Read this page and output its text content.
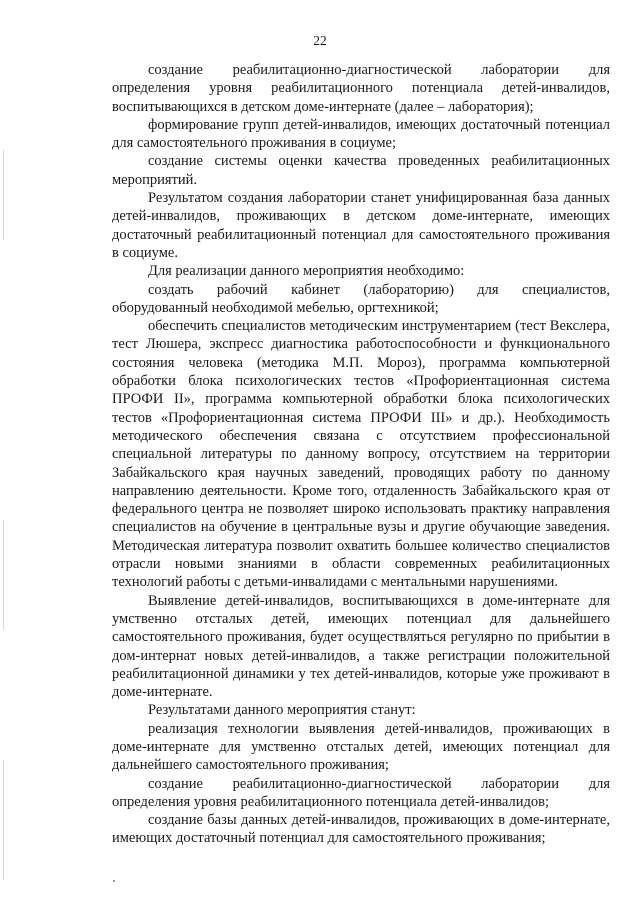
22

создание реабилитационно-диагностической лаборатории для определения уровня реабилитационного потенциала детей-инвалидов, воспитывающихся в детском доме-интернате (далее – лаборатория);

формирование групп детей-инвалидов, имеющих достаточный потенциал для самостоятельного проживания в социуме;

создание системы оценки качества проведенных реабилитационных мероприятий.

Результатом создания лаборатории станет унифицированная база данных детей-инвалидов, проживающих в детском доме-интернате, имеющих достаточный реабилитационный потенциал для самостоятельного проживания в социуме.

Для реализации данного мероприятия необходимо:

создать рабочий кабинет (лабораторию) для специалистов, оборудованный необходимой мебелью, оргтехникой;

обеспечить специалистов методическим инструментарием (тест Векслера, тест Люшера, экспресс диагностика работоспособности и функционального состояния человека (методика М.П. Мороз), программа компьютерной обработки блока психологических тестов «Профориентационная система ПРОФИ II», программа компьютерной обработки блока психологических тестов «Профориентационная система ПРОФИ III» и др.). Необходимость методического обеспечения связана с отсутствием профессиональной специальной литературы по данному вопросу, отсутствием на территории Забайкальского края научных заведений, проводящих работу по данному направлению деятельности. Кроме того, отдаленность Забайкальского края от федерального центра не позволяет широко использовать практику направления специалистов на обучение в центральные вузы и другие обучающие заведения. Методическая литература позволит охватить большее количество специалистов отрасли новыми знаниями в области современных реабилитационных технологий работы с детьми-инвалидами с ментальными нарушениями.

Выявление детей-инвалидов, воспитывающихся в доме-интернате для умственно отсталых детей, имеющих потенциал для дальнейшего самостоятельного проживания, будет осуществляться регулярно по прибытии в дом-интернат новых детей-инвалидов, а также регистрации положительной реабилитационной динамики у тех детей-инвалидов, которые уже проживают в доме-интернате.

Результатами данного мероприятия станут:

реализация технологии выявления детей-инвалидов, проживающих в доме-интернате для умственно отсталых детей, имеющих потенциал для дальнейшего самостоятельного проживания;

создание реабилитационно-диагностической лаборатории для определения уровня реабилитационного потенциала детей-инвалидов;

создание базы данных детей-инвалидов, проживающих в доме-интернате, имеющих достаточный потенциал для самостоятельного проживания;
